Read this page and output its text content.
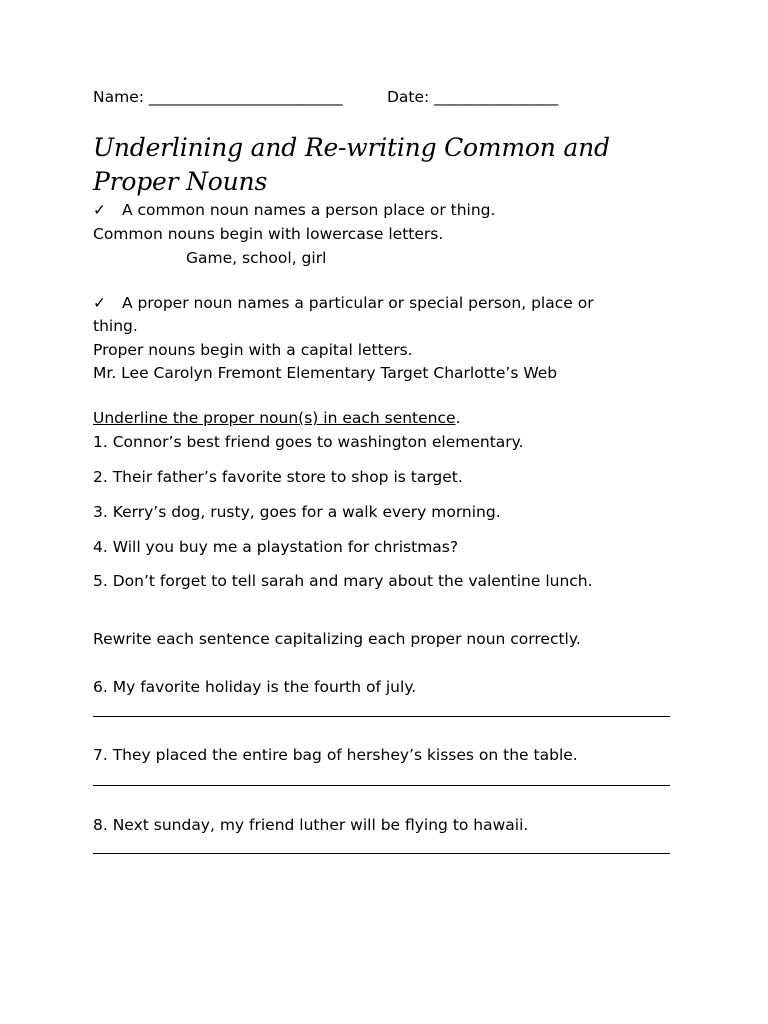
Name: _________________________	Date: ________________
Underlining and Re-writing Common and
Proper Nouns
✓ A common noun names a person place or thing.
Common nouns begin with lowercase letters.
Game, school, girl
✓ A proper noun names a particular or special person, place or
thing.
Proper nouns begin with a capital letters.
Mr. Lee Carolyn Fremont Elementary Target Charlotte’s Web
Underline the proper noun(s) in each sentence.
1. Connor’s best friend goes to washington elementary.
2. Their father’s favorite store to shop is target.
3. Kerry’s dog, rusty, goes for a walk every morning.
4. Will you buy me a playstation for christmas?
5. Don’t forget to tell sarah and mary about the valentine lunch.
Rewrite each sentence capitalizing each proper noun correctly.
6. My favorite holiday is the fourth of july.
7. They placed the entire bag of hershey’s kisses on the table.
8. Next sunday, my friend luther will be flying to hawaii.
